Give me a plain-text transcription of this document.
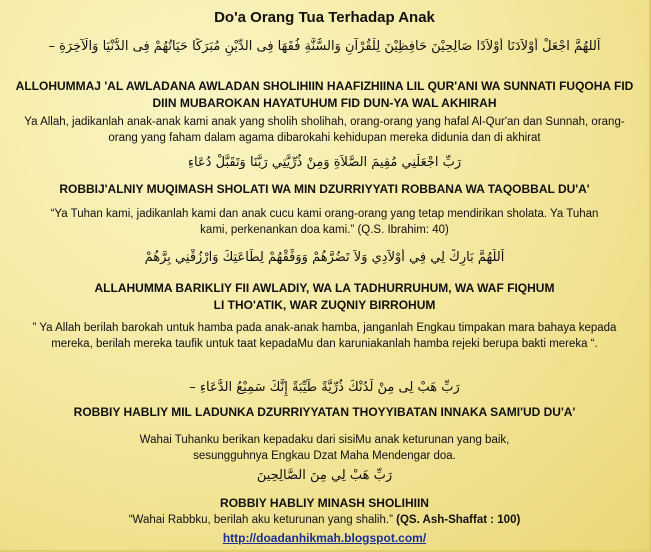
Do'a Orang Tua Terhadap Anak
اَللهُمَّ اجْعَلْ أَوْلاَدَنَا أَوْلاَدًا صَالِحِيْنَ حَافِظِيْنَ لِلْقُرْآنِ وَالسُّنَّةِ فُقَهَا فِى الدِّيْنِ مُبَرَكًا حَيَاتُهُمْ فِى الدُّنْيَا وَالْآخِرَةِ –
ALLOHUMMAJ 'AL AWLADANA AWLADAN SHOLIHIIN HAAFIZHIINA LIL QUR'ANI WA SUNNATI FUQOHA FID DIIN MUBAROKAN HAYATUHUM FID DUN-YA WAL AKHIRAH
Ya Allah, jadikanlah anak-anak kami anak yang sholih sholihah, orang-orang yang hafal Al-Qur'an dan Sunnah, orang-orang yang faham dalam agama dibarokahi kehidupan mereka didunia dan di akhirat
رَبِّ اجْعَلْنِي مُقِيمَ الصَّلاَةِ وَمِنْ ذُرِّيَّتِي رَبَّنَا وَتَقَبَّلْ دُعَاءِ
ROBBIJ'ALNIY MUQIMASH SHOLATI WA MIN DZURRIYYATI ROBBANA WA TAQOBBAL DU'A'
“Ya Tuhan kami, jadikanlah kami dan anak cucu kami orang-orang yang tetap mendirikan sholata. Ya Tuhan kami, perkenankan doa kami.” (Q.S. Ibrahim: 40)
اَللَّهُمَّ بَارِكْ لِي فِي أَوْلاَدِي وَلاَ تَضُرَّهُمْ وَوَفِّقْهُمْ لِطَاعَتِكَ وَارْزُقْنِي بِرَّهُمْ
ALLAHUMMA BARIKLIY FII AWLADIY, WA LA TADHURRUHUM, WA WAF FIQHUM LI THO'ATIK, WAR ZUQNIY BIRROHUM
” Ya Allah berilah barokah untuk hamba pada anak-anak hamba, janganlah Engkau timpakan mara bahaya kepada mereka, berilah mereka taufik untuk taat kepadaMu dan karuniakanlah hamba rejeki berupa bakti mereka “.
رَبِّ هَبْ لِى مِنْ لَدُنْكَ ذُرِّيَّةً طَيِّبَةً إِنَّكَ سَمِيْعُ الدُّعَاءِ –
ROBBIY HABLIY MIL LADUNKA DZURRIYYATAN THOYYIBATAN INNAKA SAMI'UD DU'A'
Wahai Tuhanku berikan kepadaku dari sisiMu anak keturunan yang baik, sesungguhnya Engkau Dzat Maha Mendengar doa.
رَبِّ هَبْ لِي مِنَ الصَّالِحِينَ
ROBBIY HABLIY MINASH SHOLIHIIN
“Wahai Rabbku, berilah aku keturunan yang shalih.” (QS. Ash-Shaffat : 100)
http://doadanhikmah.blogspot.com/
